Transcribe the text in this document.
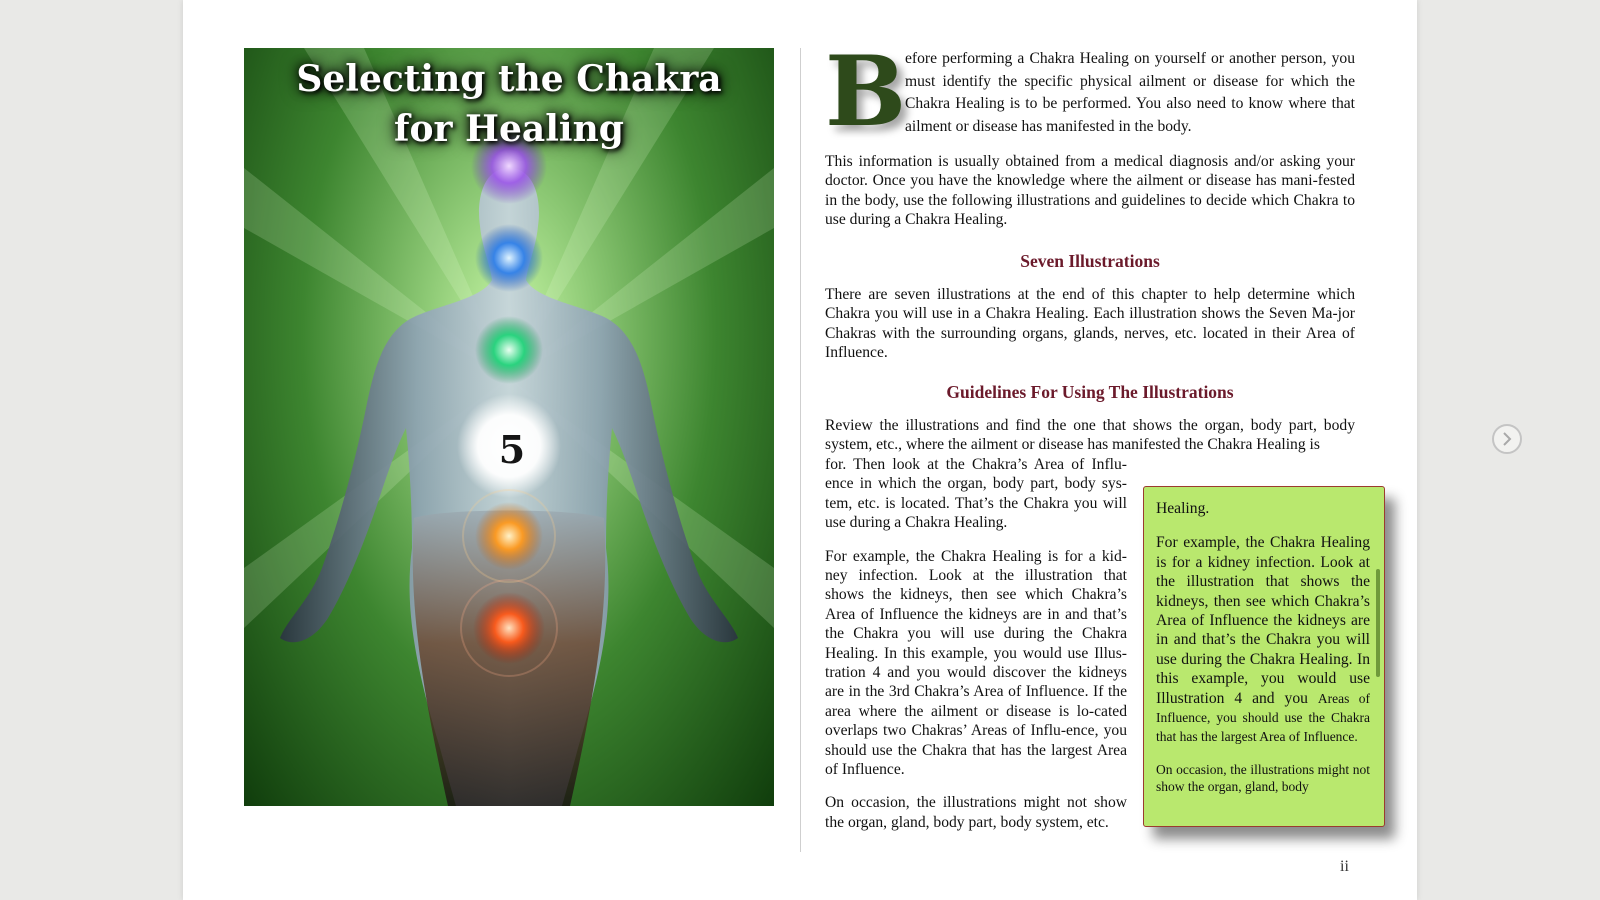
Selecting the Chakra
for Healing
5
B

efore performing a Chakra Healing on yourself or another person, you must identify the specific physical ailment or disease for which the Chakra Healing is to be performed. You also need to know where that ailment or disease has manifested in the body.

This information is usually obtained from a medical diagnosis and/or asking your doctor. Once you have the knowledge where the ailment or disease has mani-fested in the body, use the following illustrations and guidelines to decide which Chakra to use during a Chakra Healing.

Seven Illustrations

There are seven illustrations at the end of this chapter to help determine which Chakra you will use in a Chakra Healing. Each illustration shows the Seven Ma-jor Chakras with the surrounding organs, glands, nerves, etc. located in their Area of Influence.

Guidelines For Using The Illustrations

Review the illustrations and find the one that shows the organ, body part, body system, etc., where the ailment or disease has manifested the Chakra Healing is

for. Then look at the Chakra’s Area of Influ-ence in which the organ, body part, body sys-tem, etc. is located. That’s the Chakra you will use during a Chakra Healing.

For example, the Chakra Healing is for a kid-ney infection. Look at the illustration that shows the kidneys, then see which Chakra’s Area of Influence the kidneys are in and that’s the Chakra you will use during the Chakra Healing. In this example, you would use Illus-tration 4 and you would discover the kidneys are in the 3rd Chakra’s Area of Influence. If the area where the ailment or disease is lo-cated overlaps two Chakras’ Areas of Influ-ence, you should use the Chakra that has the largest Area of Influence.

On occasion, the illustrations might not show the organ, gland, body part, body system, etc.

Healing.

For example, the Chakra Healing is for a kidney infection. Look at the illustration that shows the kidneys, then see which Chakra’s Area of Influence the kidneys are in and that’s the Chakra you will use during the Chakra Healing. In this example, you would use Illustration 4 and you Areas of Influence, you should use the Chakra that has the largest Area of Influence.

On occasion, the illustrations might not show the organ, gland, body

ii
